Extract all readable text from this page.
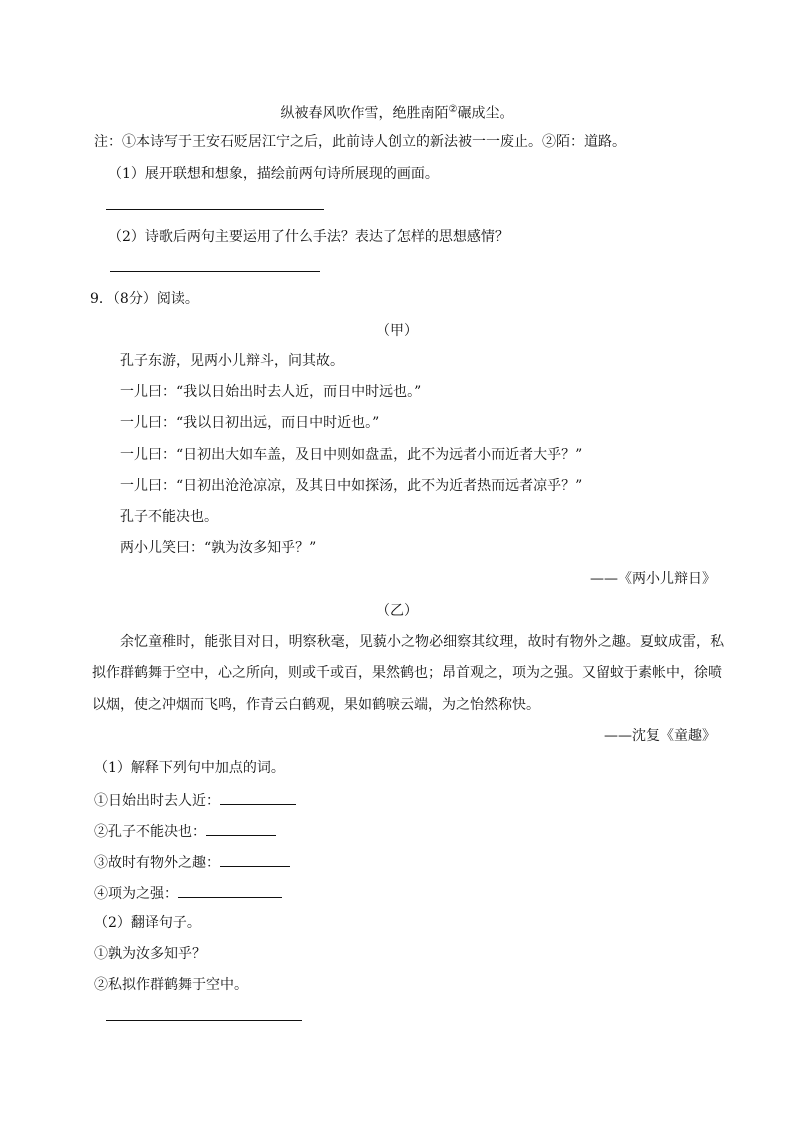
纵被春风吹作雪，绝胜南陌②碾成尘。
注：①本诗写于王安石贬居江宁之后，此前诗人创立的新法被一一废止。②陌：道路。
（1）展开联想和想象，描绘前两句诗所展现的画面。
（2）诗歌后两句主要运用了什么手法？表达了怎样的思想感情？
9．（8分）阅读。
（甲）
孔子东游，见两小儿辩斗，问其故。
一儿曰：“我以日始出时去人近，而日中时远也。”
一儿曰：“我以日初出远，而日中时近也。”
一儿曰：“日初出大如车盖，及日中则如盘盂，此不为远者小而近者大乎？”
一儿曰：“日初出沧沧凉凉，及其日中如探汤，此不为近者热而远者凉乎？”
孔子不能决也。
两小儿笑曰：“孰为汝多知乎？”
——《两小儿辩日》
（乙）
余忆童稚时，能张目对日，明察秋毫，见藐小之物必细察其纹理，故时有物外之趣。夏蚊成雷，私
拟作群鹤舞于空中，心之所向，则或千或百，果然鹤也；昂首观之，项为之强。又留蚊于素帐中，徐喷
以烟，使之冲烟而飞鸣，作青云白鹤观，果如鹤唳云端，为之怡然称快。
——沈复《童趣》
（1）解释下列句中加点的词。
①日始出时去人近：
②孔子不能决也：
③故时有物外之趣：
④项为之强：
（2）翻译句子。
①孰为汝多知乎？
②私拟作群鹤舞于空中。
